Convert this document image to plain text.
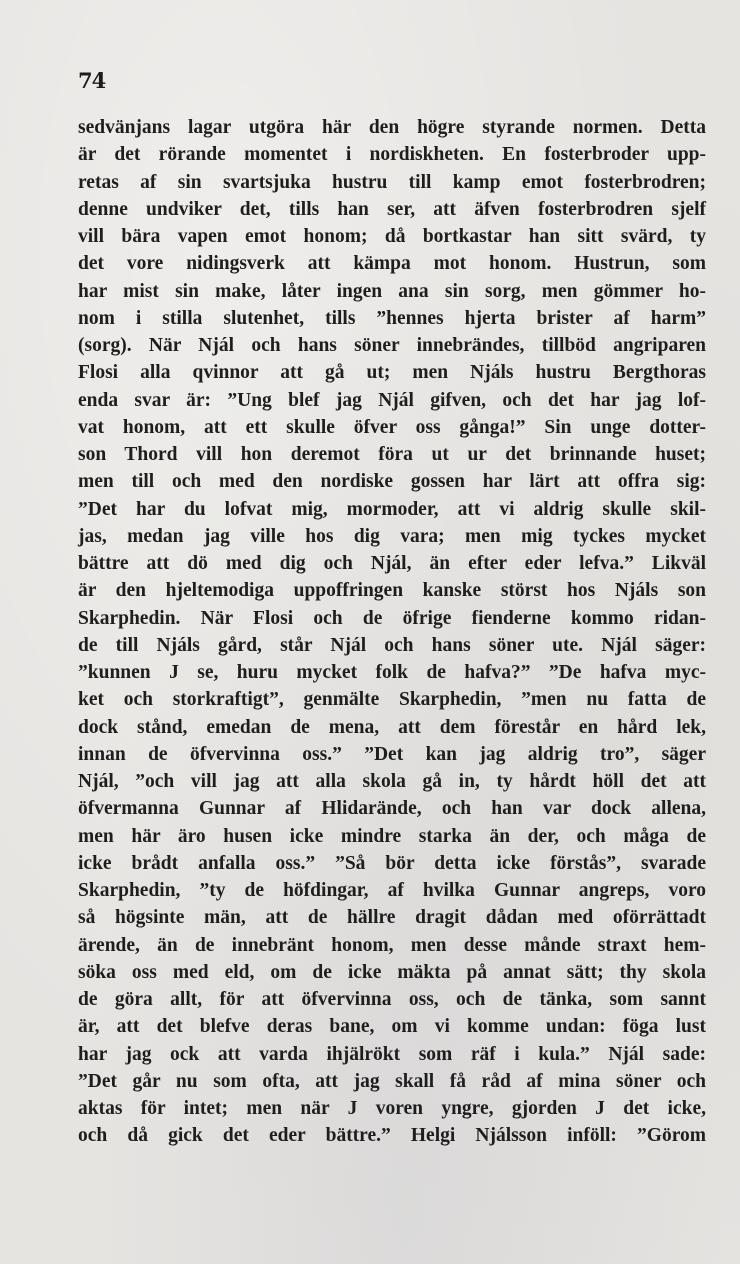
74
sedvänjans lagar utgöra här den högre styrande normen. Detta
är det rörande momentet i nordiskheten. En fosterbroder upp-
retas af sin svartsjuka hustru till kamp emot fosterbrodren;
denne undviker det, tills han ser, att äfven fosterbrodren sjelf
vill bära vapen emot honom; då bortkastar han sitt svärd, ty
det vore nidingsverk att kämpa mot honom. Hustrun, som
har mist sin make, låter ingen ana sin sorg, men gömmer ho-
nom i stilla slutenhet, tills ”hennes hjerta brister af harm”
(sorg). När Njál och hans söner innebrändes, tillböd angriparen
Flosi alla qvinnor att gå ut; men Njáls hustru Bergthoras
enda svar är: ”Ung blef jag Njál gifven, och det har jag lof-
vat honom, att ett skulle öfver oss gånga!” Sin unge dotter-
son Thord vill hon deremot föra ut ur det brinnande huset;
men till och med den nordiske gossen har lärt att offra sig:
”Det har du lofvat mig, mormoder, att vi aldrig skulle skil-
jas, medan jag ville hos dig vara; men mig tyckes mycket
bättre att dö med dig och Njál, än efter eder lefva.” Likväl
är den hjeltemodiga uppoffringen kanske störst hos Njáls son
Skarphedin. När Flosi och de öfrige fienderne kommo ridan-
de till Njáls gård, står Njál och hans söner ute. Njál säger:
”kunnen J se, huru mycket folk de hafva?” ”De hafva myc-
ket och storkraftigt”, genmälte Skarphedin, ”men nu fatta de
dock stånd, emedan de mena, att dem förestår en hård lek,
innan de öfvervinna oss.” ”Det kan jag aldrig tro”, säger
Njál, ”och vill jag att alla skola gå in, ty hårdt höll det att
öfvermanna Gunnar af Hlidarände, och han var dock allena,
men här äro husen icke mindre starka än der, och måga de
icke brådt anfalla oss.” ”Så bör detta icke förstås”, svarade
Skarphedin, ”ty de höfdingar, af hvilka Gunnar angreps, voro
så högsinte män, att de hällre dragit dådan med oförrättadt
ärende, än de innebränt honom, men desse månde straxt hem-
söka oss med eld, om de icke mäkta på annat sätt; thy skola
de göra allt, för att öfvervinna oss, och de tänka, som sannt
är, att det blefve deras bane, om vi komme undan: föga lust
har jag ock att varda ihjälrökt som räf i kula.” Njál sade:
”Det går nu som ofta, att jag skall få råd af mina söner och
aktas för intet; men när J voren yngre, gjorden J det icke,
och då gick det eder bättre.” Helgi Njálsson inföll: ”Görom
